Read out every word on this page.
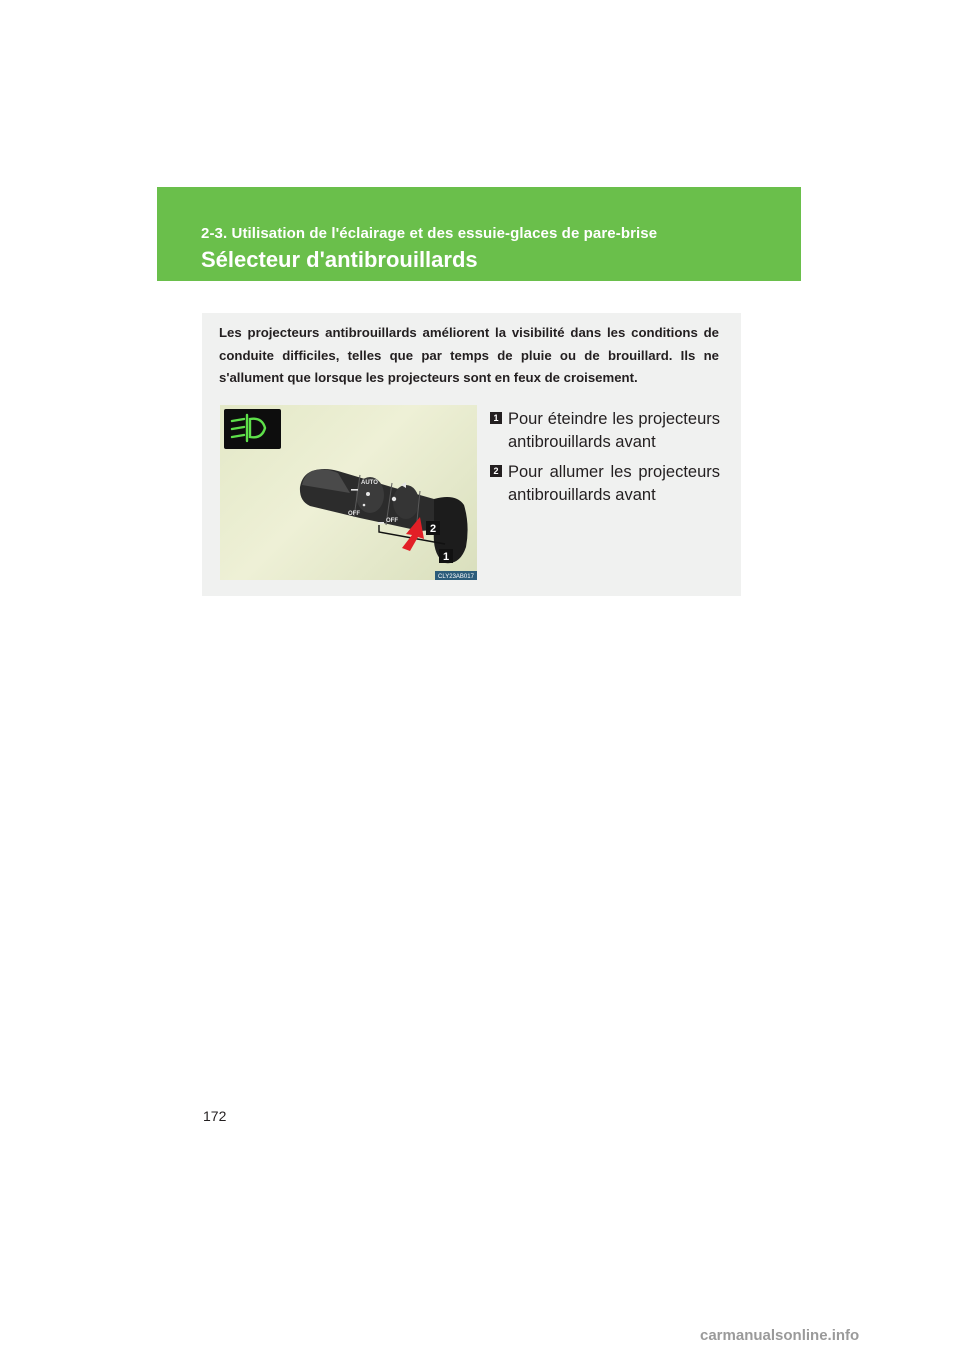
2-3. Utilisation de l'éclairage et des essuie-glaces de pare-brise
Sélecteur d'antibrouillards
Les projecteurs antibrouillards améliorent la visibilité dans les conditions de conduite difficiles, telles que par temps de pluie ou de brouillard. Ils ne s'allument que lorsque les projecteurs sont en feux de croisement.
AUTO
OFF
OFF
2
1
CLY23AB017
1 Pour éteindre les projecteurs antibrouillards avant
2 Pour allumer les projecteurs antibrouillards avant
172
carmanualsonline.info
